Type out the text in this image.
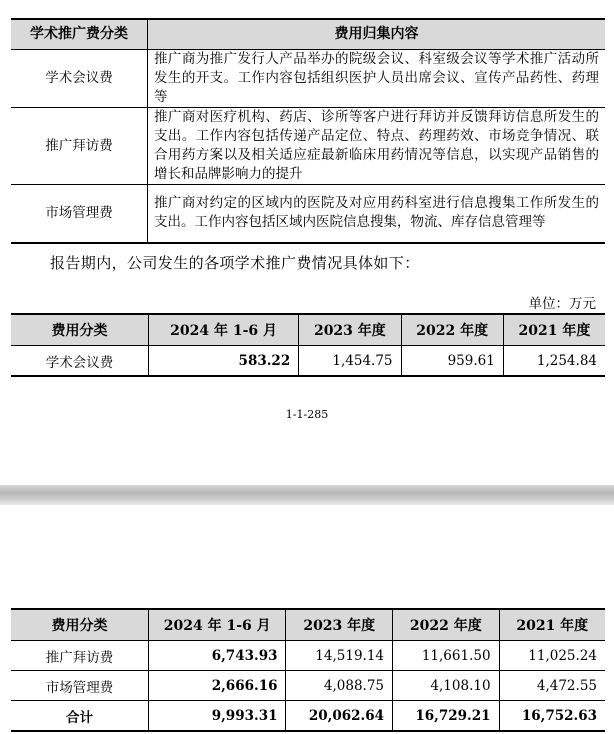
学术推广费分类	费用归集内容
学术会议费	推广商为推广发行人产品举办的院级会议、科室级会议等学术推广活动所发生的开支。工作内容包括组织医护人员出席会议、宣传产品药性、药理等
推广拜访费	推广商对医疗机构、药店、诊所等客户进行拜访并反馈拜访信息所发生的支出。工作内容包括传递产品定位、特点、药理药效、市场竞争情况、联合用药方案以及相关适应症最新临床用药情况等信息，以实现产品销售的增长和品牌影响力的提升
市场管理费	推广商对约定的区域内的医院及对应用药科室进行信息搜集工作所发生的支出。工作内容包括区域内医院信息搜集，物流、库存信息管理等
报告期内，公司发生的各项学术推广费情况具体如下：
单位：万元
费用分类	2024 年 1-6 月	2023 年度	2022 年度	2021 年度
学术会议费	583.22	1,454.75	959.61	1,254.84
1-1-285
费用分类	2024 年 1-6 月	2023 年度	2022 年度	2021 年度
推广拜访费	6,743.93	14,519.14	11,661.50	11,025.24
市场管理费	2,666.16	4,088.75	4,108.10	4,472.55
合计	9,993.31	20,062.64	16,729.21	16,752.63
